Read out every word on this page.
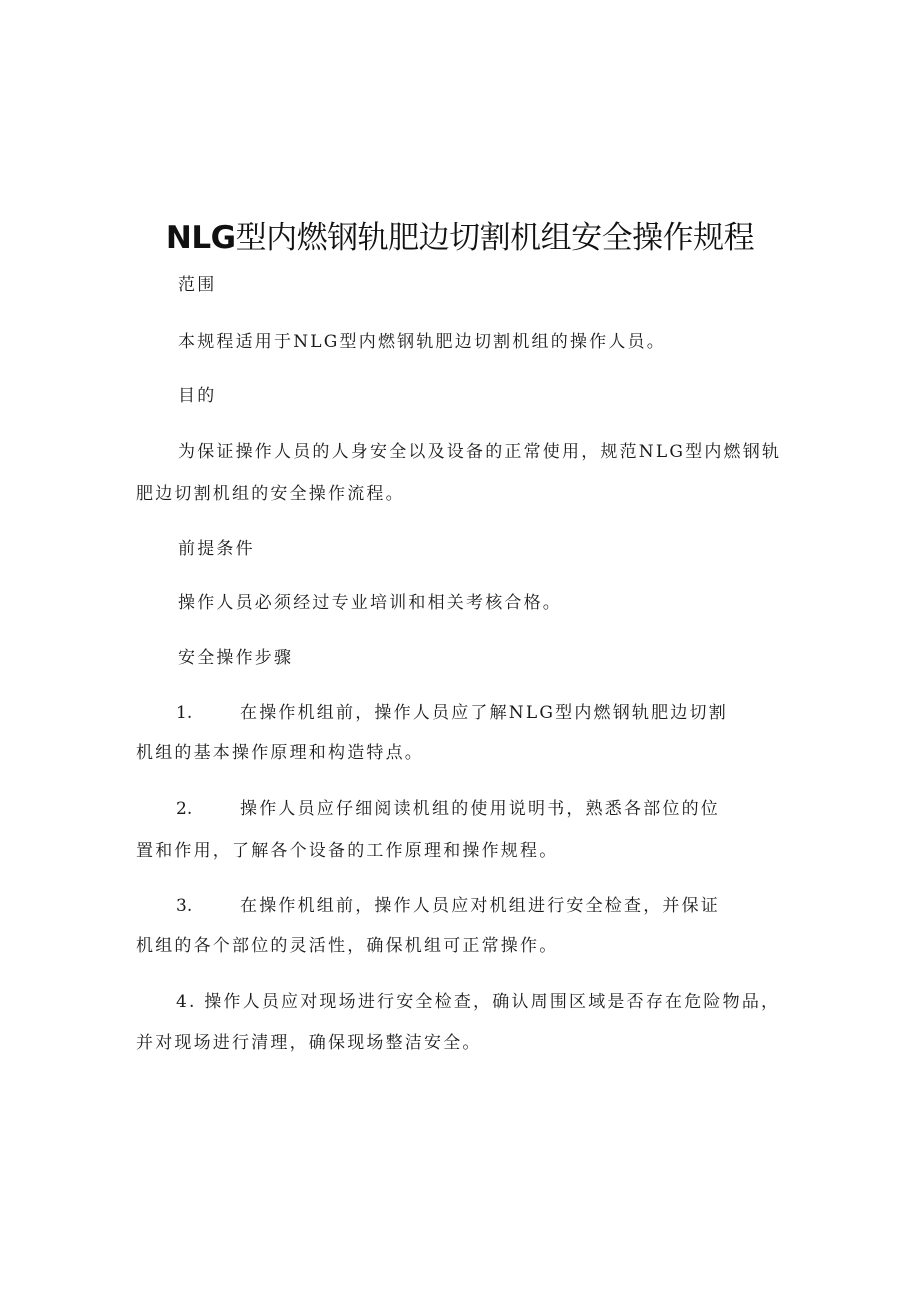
NLG型内燃钢轨肥边切割机组安全操作规程

范围

本规程适用于NLG型内燃钢轨肥边切割机组的操作人员。

目的

为保证操作人员的人身安全以及设备的正常使用，规范NLG型内燃钢轨

肥边切割机组的安全操作流程。

前提条件

操作人员必须经过专业培训和相关考核合格。

安全操作步骤

1.	在操作机组前，操作人员应了解NLG型内燃钢轨肥边切割

机组的基本操作原理和构造特点。

2.	操作人员应仔细阅读机组的使用说明书，熟悉各部位的位

置和作用，了解各个设备的工作原理和操作规程。

3.	在操作机组前，操作人员应对机组进行安全检查，并保证

机组的各个部位的灵活性，确保机组可正常操作。

4. 操作人员应对现场进行安全检查，确认周围区域是否存在危险物品，

并对现场进行清理，确保现场整洁安全。
